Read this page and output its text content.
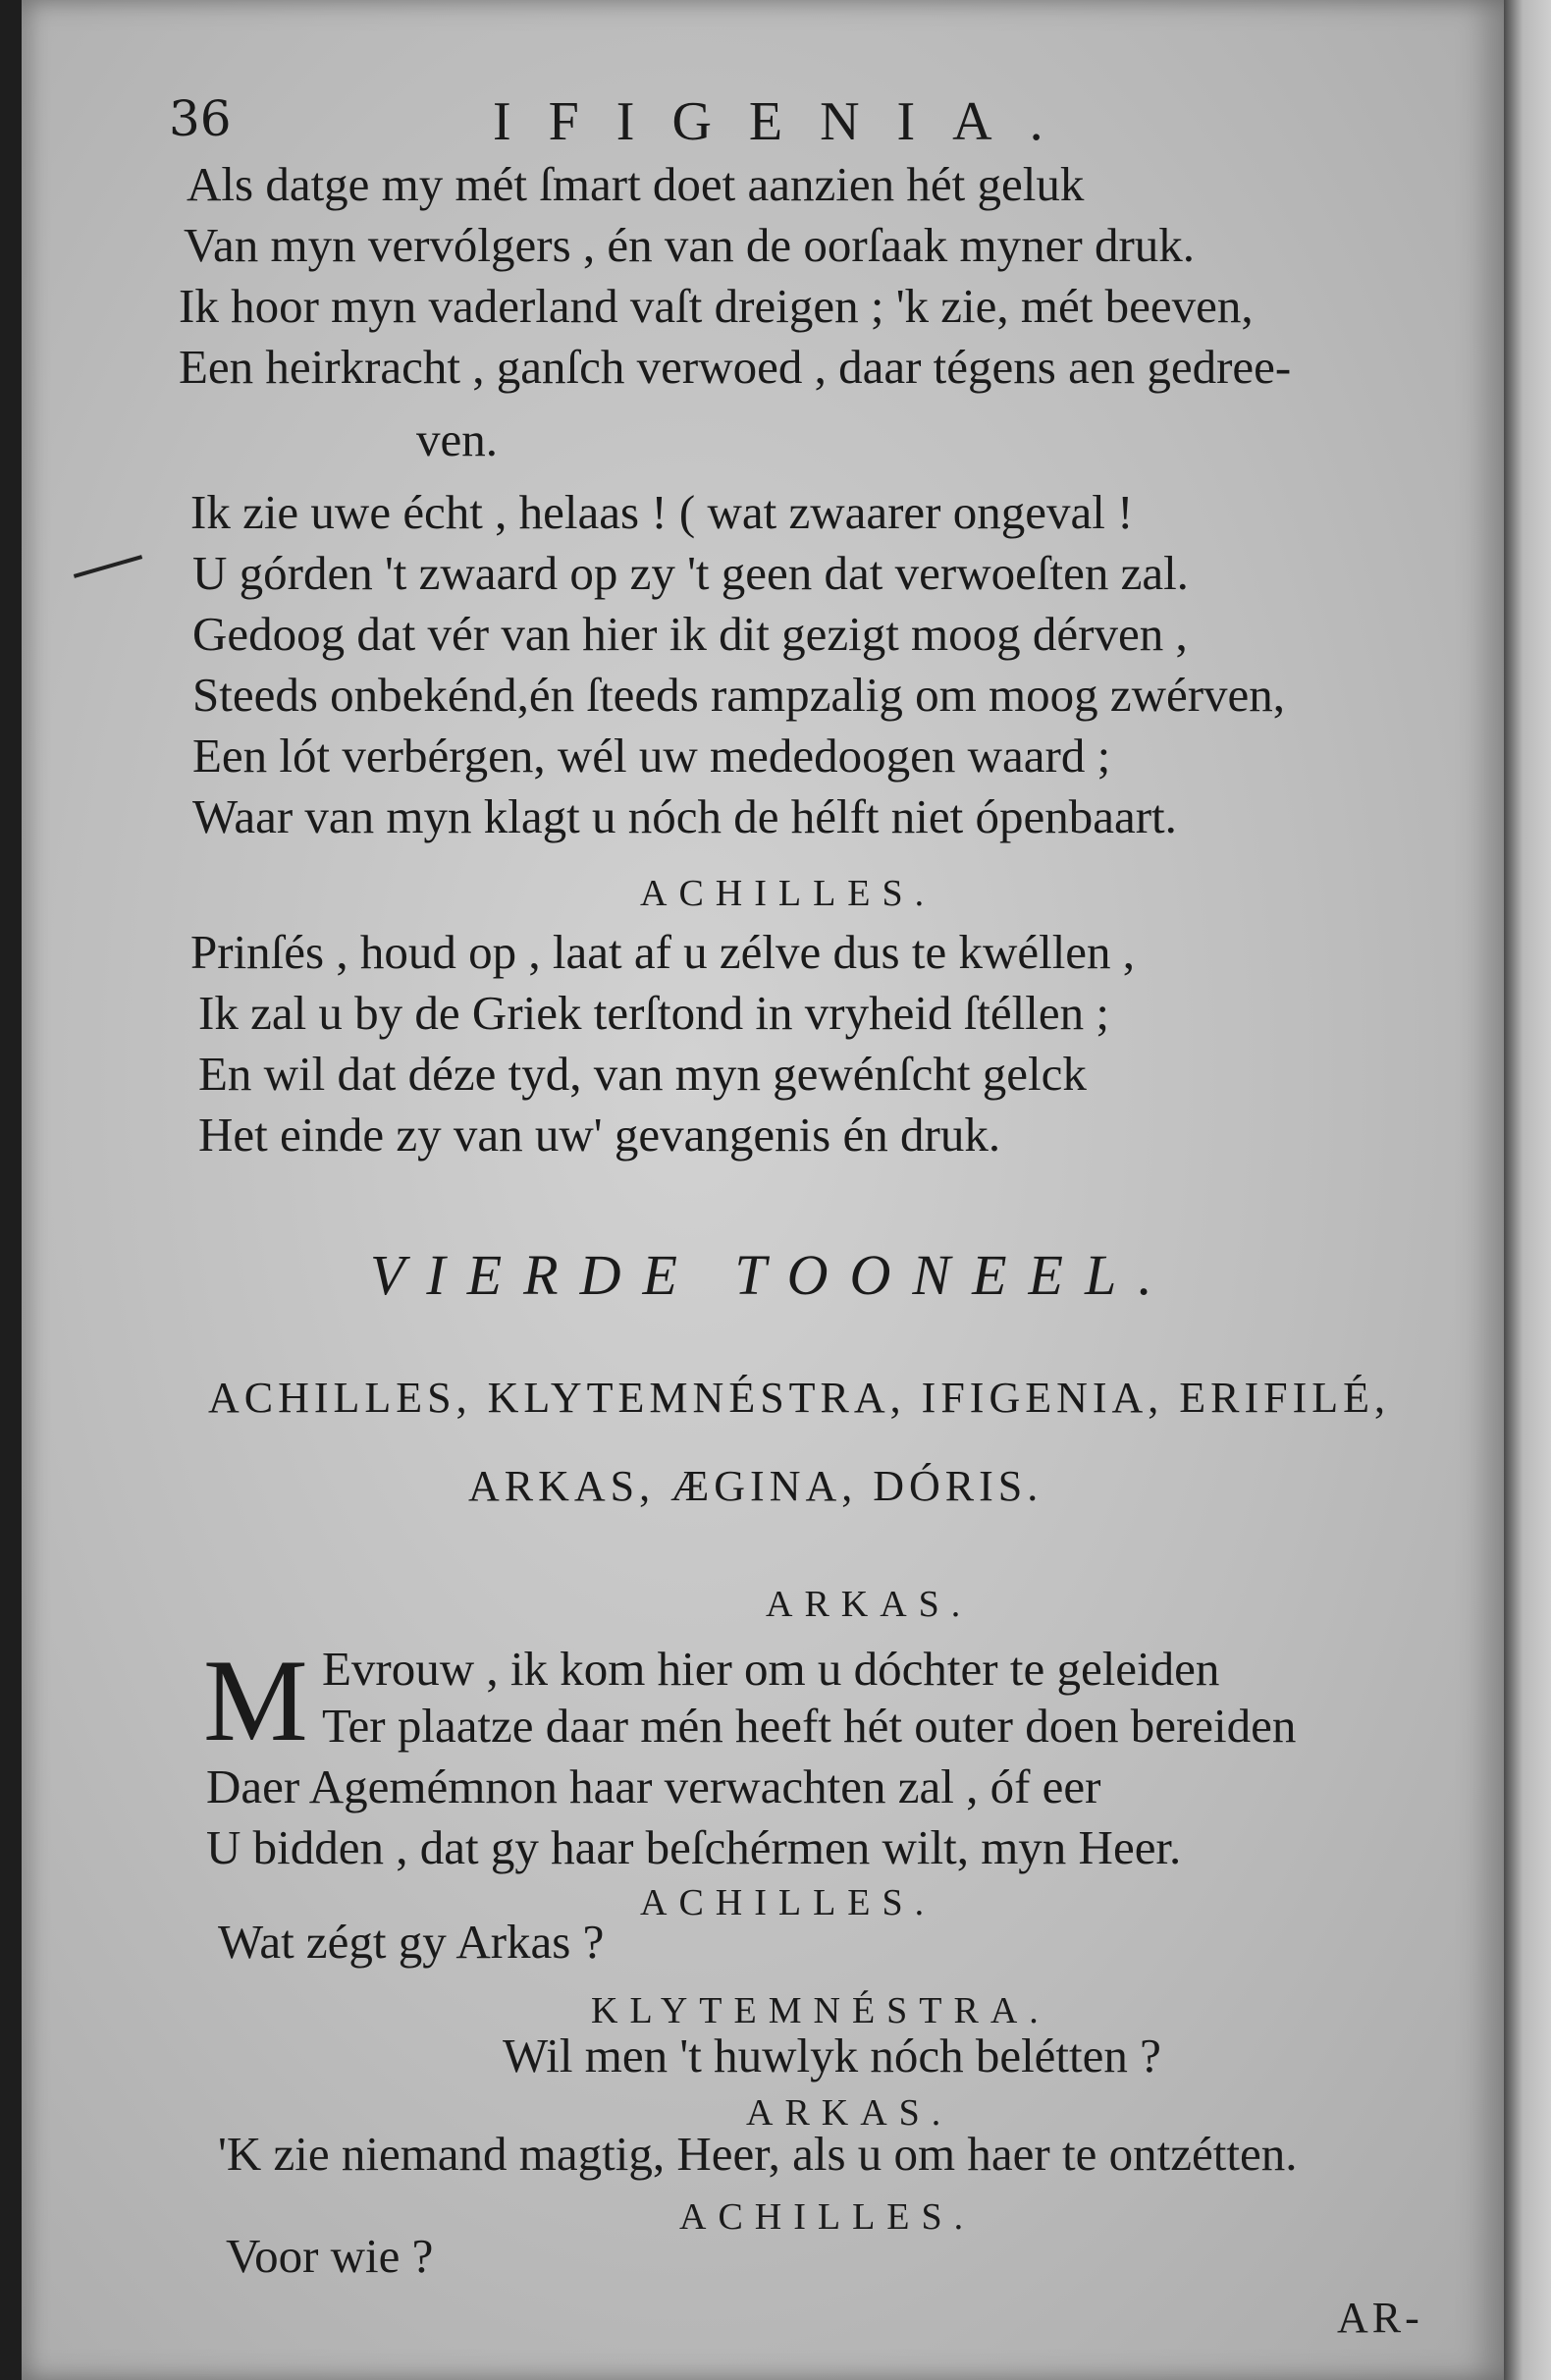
36	IFIGENIA.
Als datge my mét ſmart doet aanzien hét geluk
Van myn vervólgers , én van de oorſaak myner druk.
Ik hoor myn vaderland vaſt dreigen ; 'k zie, mét beeven,
Een heirkracht , ganſch verwoed , daar tégens aen gedree-
ven.
Ik zie uwe écht , helaas ! ( wat zwaarer ongeval !
U górden 't zwaard op zy 't geen dat verwoeſten zal.
Gedoog dat vér van hier ik dit gezigt moog dérven ,
Steeds onbekénd,én ſteeds rampzalig om moog zwérven,
Een lót verbérgen, wél uw mededoogen waard ;
Waar van myn klagt u nóch de hélft niet ópenbaart.
ACHILLES.
Prinſés , houd op , laat af u zélve dus te kwéllen ,
Ik zal u by de Griek terſtond in vryheid ſtéllen ;
En wil dat déze tyd, van myn gewénſcht gelck
Het einde zy van uw' gevangenis én druk.
VIERDE TOONEEL.
ACHILLES, KLYTEMNÉSTRA, IFIGENIA, ERIFILÉ,
ARKAS, ÆGINA, DÓRIS.
ARKAS.
M Evrouw , ik kom hier om u dóchter te geleiden
Ter plaatze daar mén heeft hét outer doen bereiden
Daer Agemémnon haar verwachten zal , óf eer
U bidden , dat gy haar beſchérmen wilt, myn Heer.
ACHILLES.
Wat zégt gy Arkas ?
KLYTEMNÉSTRA.
Wil men 't huwlyk nóch belétten ?
ARKAS.
'K zie niemand magtig, Heer, als u om haer te ontzétten.
ACHILLES.
Voor wie ?
AR-
